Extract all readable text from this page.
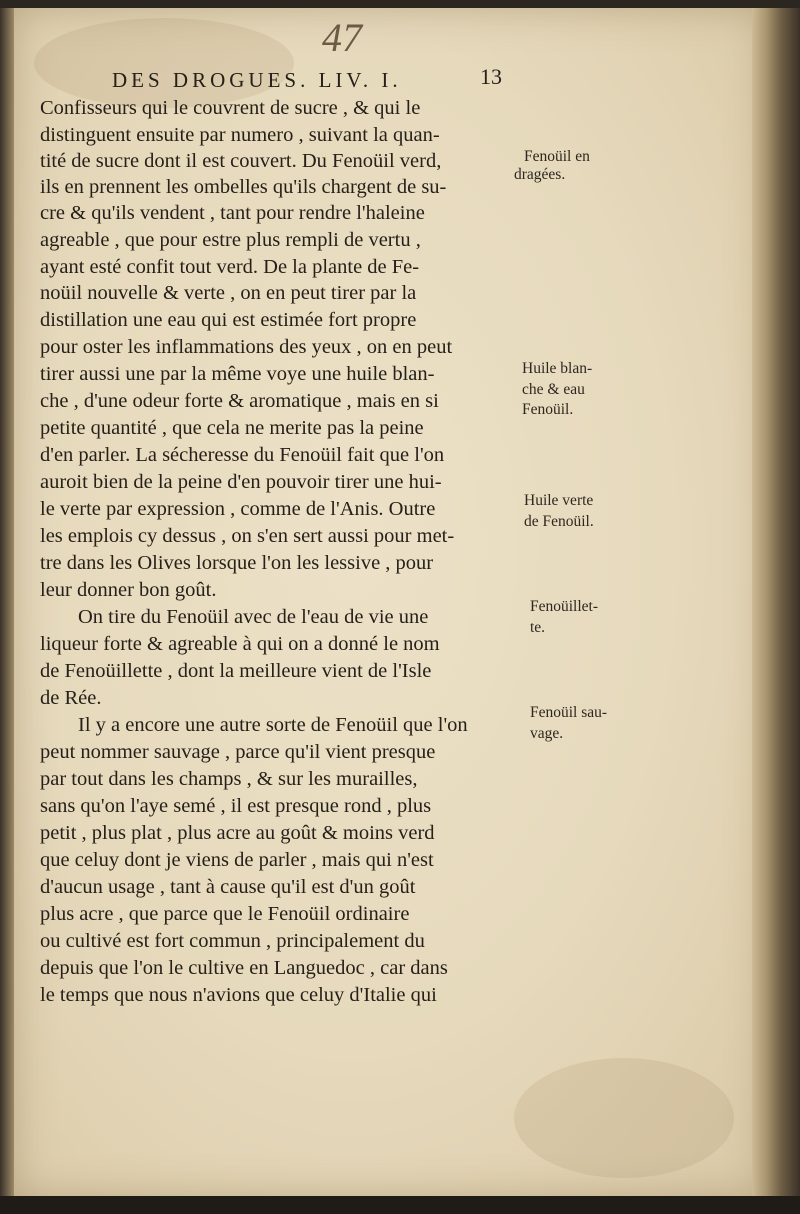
47
DES DROGUES. LIV. I.	13
Confisseurs qui le couvrent de sucre , & qui le
distinguent ensuite par numero , suivant la quan-
tité de sucre dont il est couvert. Du Fenoüil verd,
ils en prennent les ombelles qu'ils chargent de su-
cre & qu'ils vendent , tant pour rendre l'haleine
agreable , que pour estre plus rempli de vertu ,
ayant esté confit tout verd. De la plante de Fe-
noüil nouvelle & verte , on en peut tirer par la
distillation une eau qui est estimée fort propre
pour oster les inflammations des yeux , on en peut
tirer aussi une par la même voye une huile blan-
che , d'une odeur forte & aromatique , mais en si
petite quantité , que cela ne merite pas la peine
d'en parler. La sécheresse du Fenoüil fait que l'on
auroit bien de la peine d'en pouvoir tirer une hui-
le verte par expression , comme de l'Anis. Outre
les emplois cy dessus , on s'en sert aussi pour met-
tre dans les Olives lorsque l'on les lessive , pour
leur donner bon goût.
On tire du Fenoüil avec de l'eau de vie une
liqueur forte & agreable à qui on a donné le nom
de Fenoüillette , dont la meilleure vient de l'Isle
de Rée.
Il y a encore une autre sorte de Fenoüil que l'on
peut nommer sauvage , parce qu'il vient presque
par tout dans les champs , & sur les murailles,
sans qu'on l'aye semé , il est presque rond , plus
petit , plus plat , plus acre au goût & moins verd
que celuy dont je viens de parler , mais qui n'est
d'aucun usage , tant à cause qu'il est d'un goût
plus acre , que parce que le Fenoüil ordinaire
ou cultivé est fort commun , principalement du
depuis que l'on le cultive en Languedoc , car dans
le temps que nous n'avions que celuy d'Italie qui
Fenoüil en
dragées.
Huile blan-
che & eau
Fenoüil.
Huile verte
de Fenoüil.
Fenoüillet-
te.
Fenoüil sau-
vage.
